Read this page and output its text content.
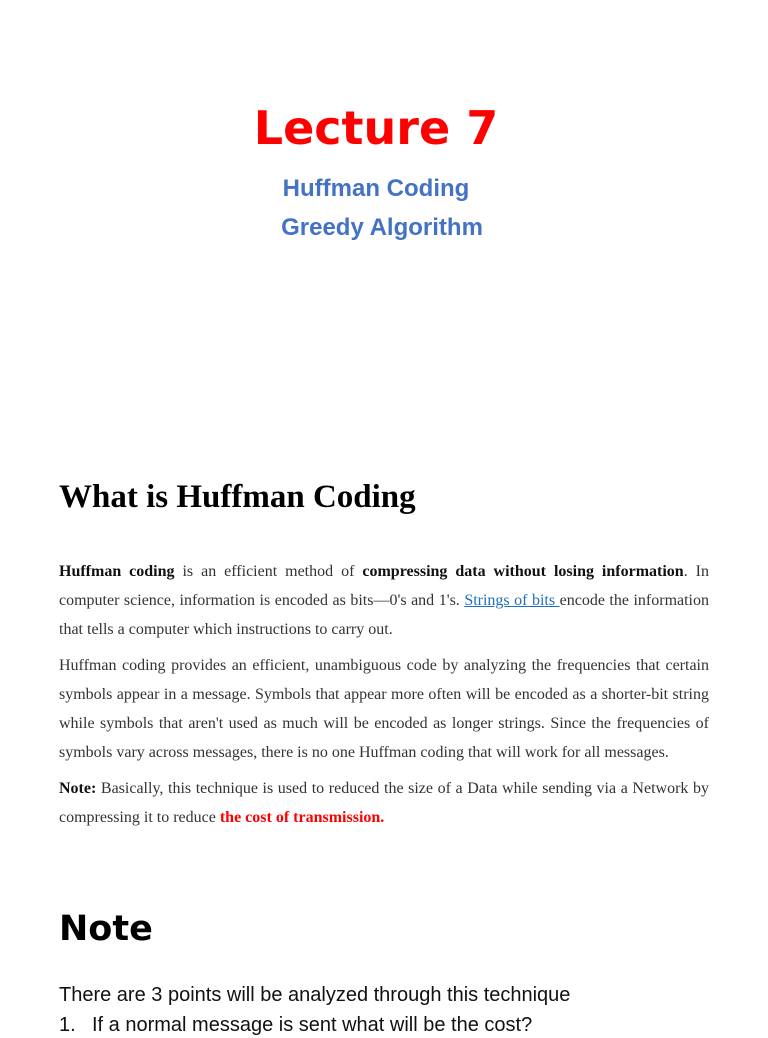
Lecture 7
Huffman Coding
Greedy Algorithm
What is Huffman Coding

Huffman coding is an efficient method of compressing data without losing information. In computer science, information is encoded as bits—0's and 1's. Strings of bits encode the information that tells a computer which instructions to carry out.

Huffman coding provides an efficient, unambiguous code by analyzing the frequencies that certain symbols appear in a message. Symbols that appear more often will be encoded as a shorter-bit string while symbols that aren't used as much will be encoded as longer strings. Since the frequencies of symbols vary across messages, there is no one Huffman coding that will work for all messages.

Note: Basically, this technique is used to reduced the size of a Data while sending via a Network by compressing it to reduce the cost of transmission.

Note

There are 3 points will be analyzed through this technique

1. If a normal message is sent what will be the cost?
